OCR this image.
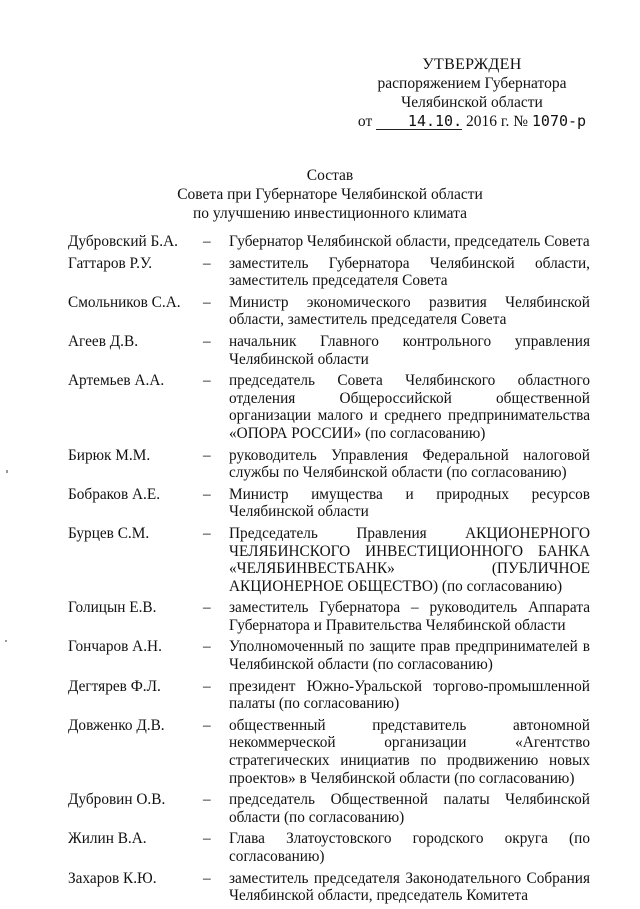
УТВЕРЖДЕН
распоряжением Губернатора
Челябинской области
от 14.10. 2016 г. № 1070-р
Состав
Совета при Губернаторе Челябинской области
по улучшению инвестиционного климата
Дубровский Б.А.	–	Губернатор Челябинской области, председатель Совета
Гаттаров Р.У.	–	заместитель Губернатора Челябинской области, заместитель председателя Совета
Смольников С.А.	–	Министр экономического развития Челябинской области, заместитель председателя Совета
Агеев Д.В.	–	начальник Главного контрольного управления Челябинской области
Артемьев А.А.	–	председатель Совета Челябинского областного отделения Общероссийской общественной организации малого и среднего предпринимательства «ОПОРА РОССИИ» (по согласованию)
Бирюк М.М.	–	руководитель Управления Федеральной налоговой службы по Челябинской области (по согласованию)
Бобраков А.Е.	–	Министр имущества и природных ресурсов Челябинской области
Бурцев С.М.	–	Председатель Правления АКЦИОНЕРНОГО ЧЕЛЯБИНСКОГО ИНВЕСТИЦИОННОГО БАНКА «ЧЕЛЯБИНВЕСТБАНК» (ПУБЛИЧНОЕ АКЦИОНЕРНОЕ ОБЩЕСТВО) (по согласованию)
Голицын Е.В.	–	заместитель Губернатора – руководитель Аппарата Губернатора и Правительства Челябинской области
Гончаров А.Н.	–	Уполномоченный по защите прав предпринимателей в Челябинской области (по согласованию)
Дегтярев Ф.Л.	–	президент Южно-Уральской торгово-промышленной палаты (по согласованию)
Довженко Д.В.	–	общественный представитель автономной некоммерческой организации «Агентство стратегических инициатив по продвижению новых проектов» в Челябинской области (по согласованию)
Дубровин О.В.	–	председатель Общественной палаты Челябинской области (по согласованию)
Жилин В.А.	–	Глава Златоустовского городского округа (по согласованию)
Захаров К.Ю.	–	заместитель председателя Законодательного Собрания Челябинской области, председатель Комитета
